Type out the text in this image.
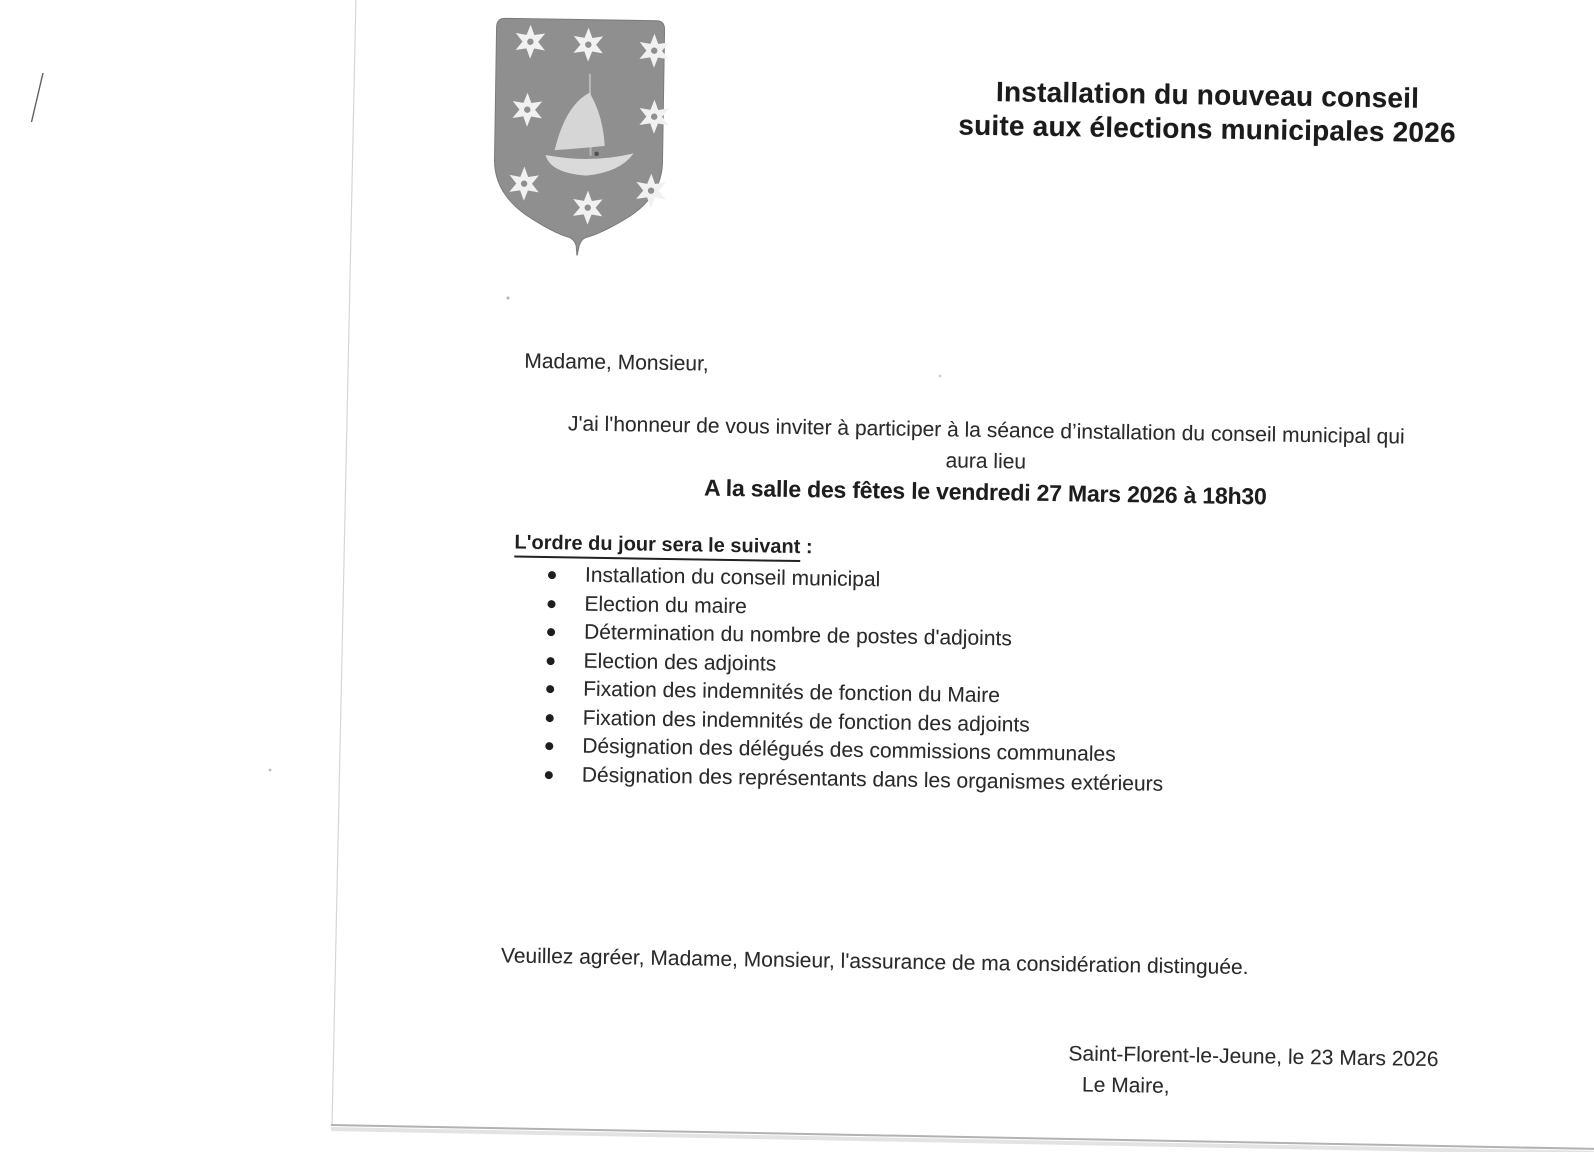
Installation du nouveau conseil
suite aux élections municipales 2026
Madame, Monsieur,
J'ai l'honneur de vous inviter à participer à la séance d’installation du conseil municipal qui
aura lieu
A la salle des fêtes le vendredi 27 Mars 2026 à 18h30
L'ordre du jour sera le suivant :
Installation du conseil municipal
Election du maire
Détermination du nombre de postes d'adjoints
Election des adjoints
Fixation des indemnités de fonction du Maire
Fixation des indemnités de fonction des adjoints
Désignation des délégués des commissions communales
Désignation des représentants dans les organismes extérieurs
Veuillez agréer, Madame, Monsieur, l'assurance de ma considération distinguée.
Saint-Florent-le-Jeune, le 23 Mars 2026
Le Maire,
